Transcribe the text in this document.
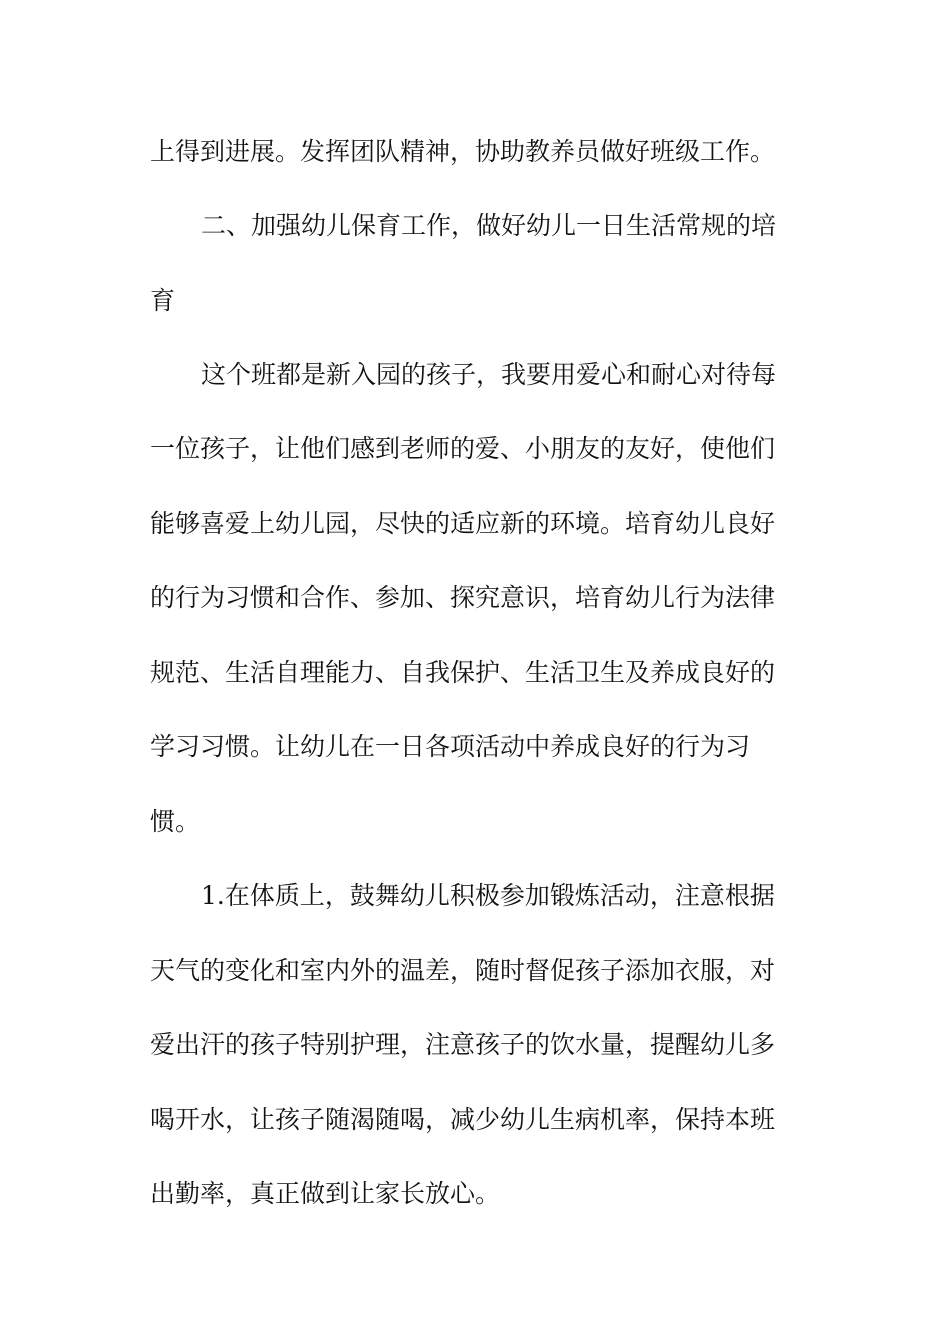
上得到进展。发挥团队精神，协助教养员做好班级工作。
二、加强幼儿保育工作，做好幼儿一日生活常规的培
育
这个班都是新入园的孩子，我要用爱心和耐心对待每
一位孩子，让他们感到老师的爱、小朋友的友好，使他们
能够喜爱上幼儿园，尽快的适应新的环境。培育幼儿良好
的行为习惯和合作、参加、探究意识，培育幼儿行为法律
规范、生活自理能力、自我保护、生活卫生及养成良好的
学习习惯。让幼儿在一日各项活动中养成良好的行为习
惯。
1.在体质上，鼓舞幼儿积极参加锻炼活动，注意根据
天气的变化和室内外的温差，随时督促孩子添加衣服，对
爱出汗的孩子特别护理，注意孩子的饮水量，提醒幼儿多
喝开水，让孩子随渴随喝，减少幼儿生病机率，保持本班
出勤率，真正做到让家长放心。
